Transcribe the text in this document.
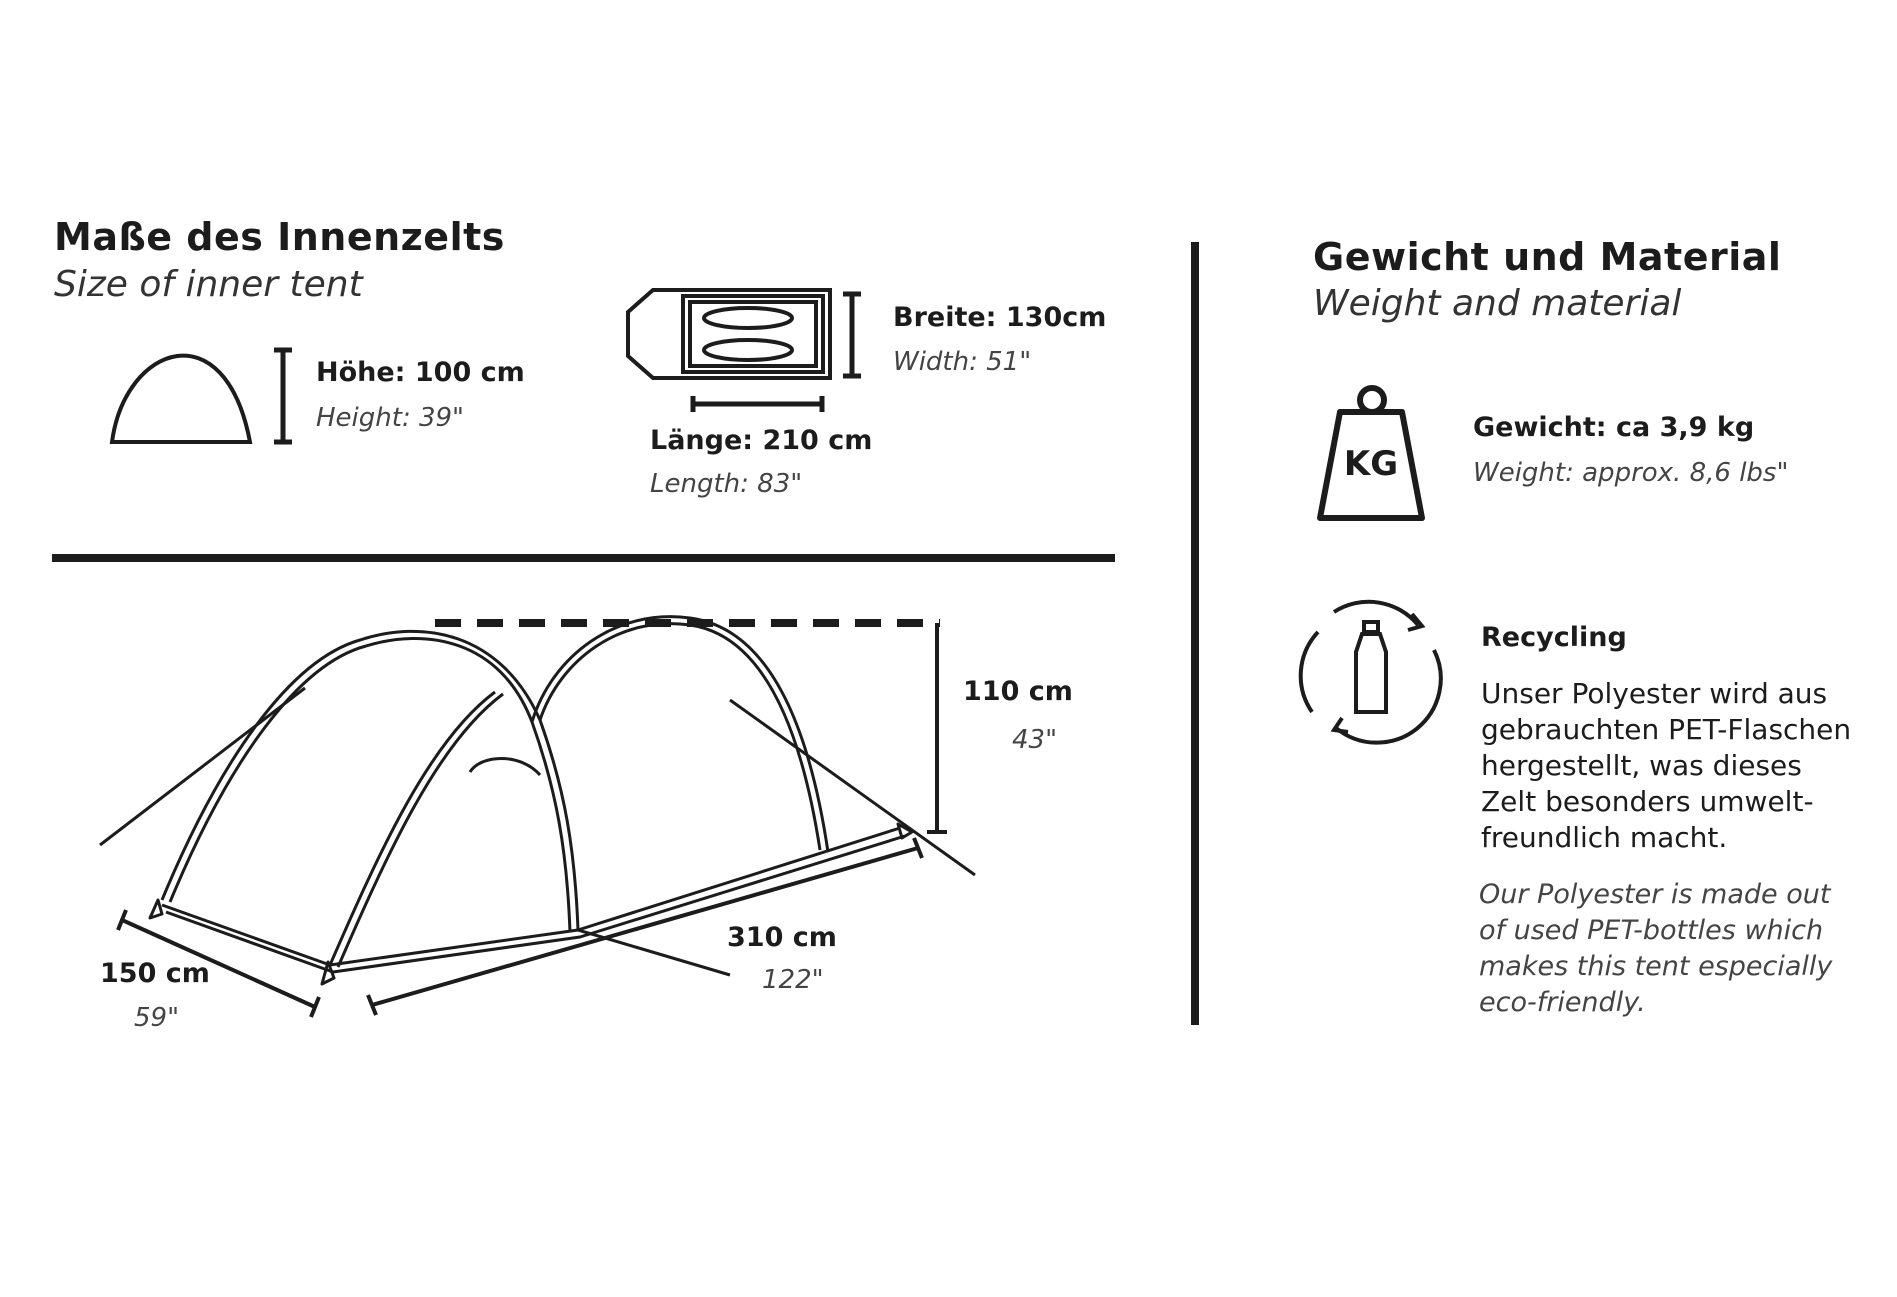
Maße des Innenzelts
Size of inner tent
Höhe: 100 cm
Height: 39"
Breite: 130cm
Width: 51"
Länge: 210 cm
Length: 83"
110 cm
43"
310 cm
122"
150 cm
59"
Gewicht und Material
Weight and material
KG
Gewicht: ca 3,9 kg
Weight: approx. 8,6 lbs"
Recycling
Unser Polyester wird aus
gebrauchten PET-Flaschen
hergestellt, was dieses
Zelt besonders umwelt-
freundlich macht.
Our Polyester is made out
of used PET-bottles which
makes this tent especially
eco-friendly.
